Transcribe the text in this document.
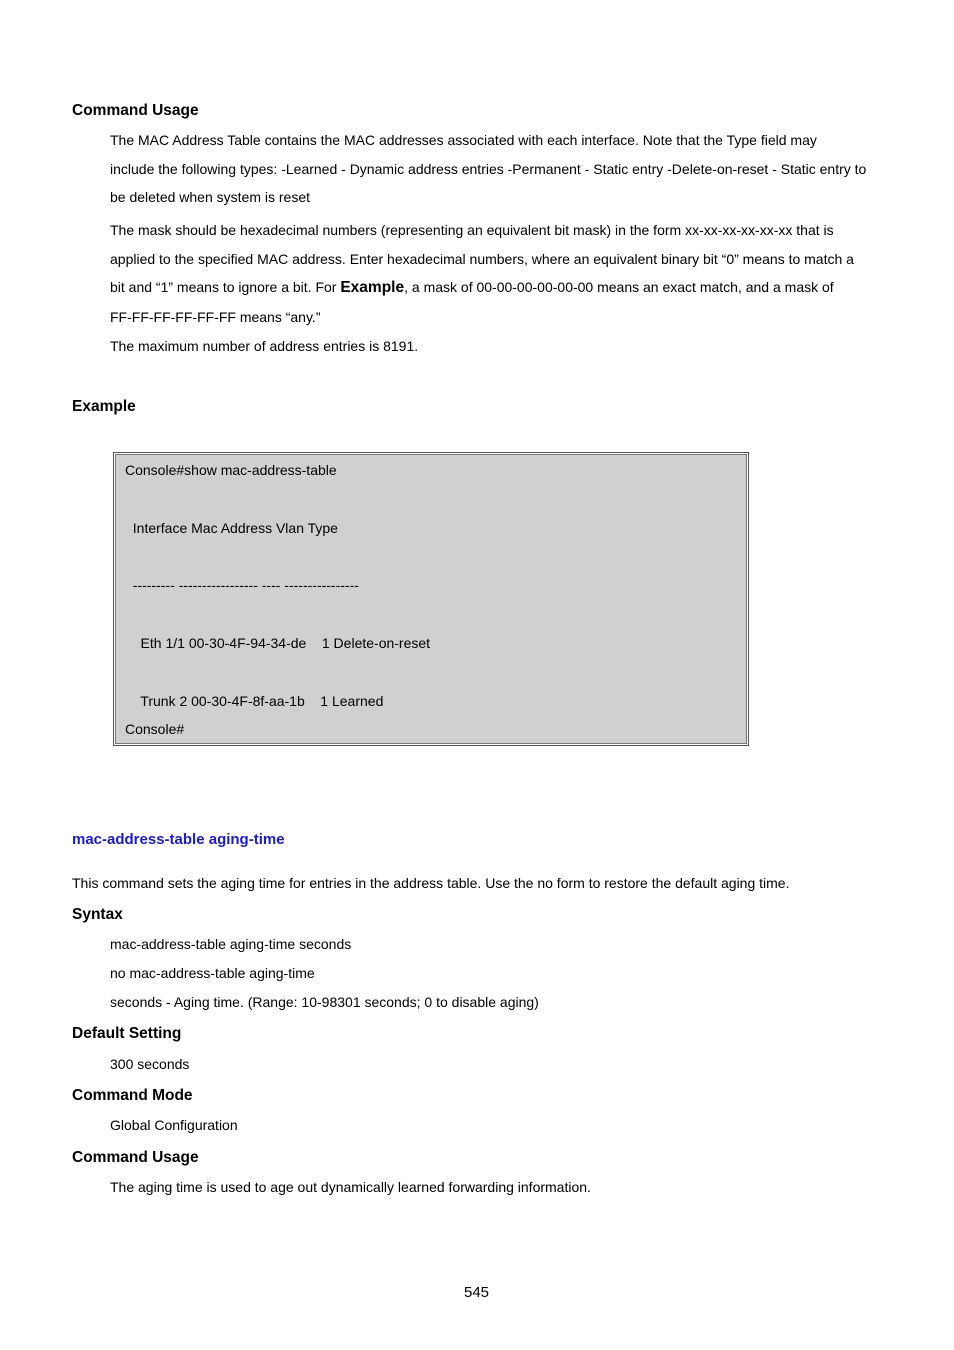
Command Usage
The MAC Address Table contains the MAC addresses associated with each interface. Note that the Type field may
include the following types: -Learned - Dynamic address entries -Permanent - Static entry -Delete-on-reset - Static entry to
be deleted when system is reset
The mask should be hexadecimal numbers (representing an equivalent bit mask) in the form xx-xx-xx-xx-xx-xx that is
applied to the specified MAC address. Enter hexadecimal numbers, where an equivalent binary bit “0” means to match a
bit and “1” means to ignore a bit. For Example, a mask of 00-00-00-00-00-00 means an exact match, and a mask of
FF-FF-FF-FF-FF-FF means “any.”
The maximum number of address entries is 8191.
Example
Console#show mac-address-table
Interface Mac Address Vlan Type
--------- ----------------- ---- ----------------
Eth 1/1 00-30-4F-94-34-de    1 Delete-on-reset
Trunk 2 00-30-4F-8f-aa-1b    1 Learned
Console#
mac-address-table aging-time
This command sets the aging time for entries in the address table. Use the no form to restore the default aging time.
Syntax
mac-address-table aging-time seconds
no mac-address-table aging-time
seconds - Aging time. (Range: 10-98301 seconds; 0 to disable aging)
Default Setting
300 seconds
Command Mode
Global Configuration
Command Usage
The aging time is used to age out dynamically learned forwarding information.
545
